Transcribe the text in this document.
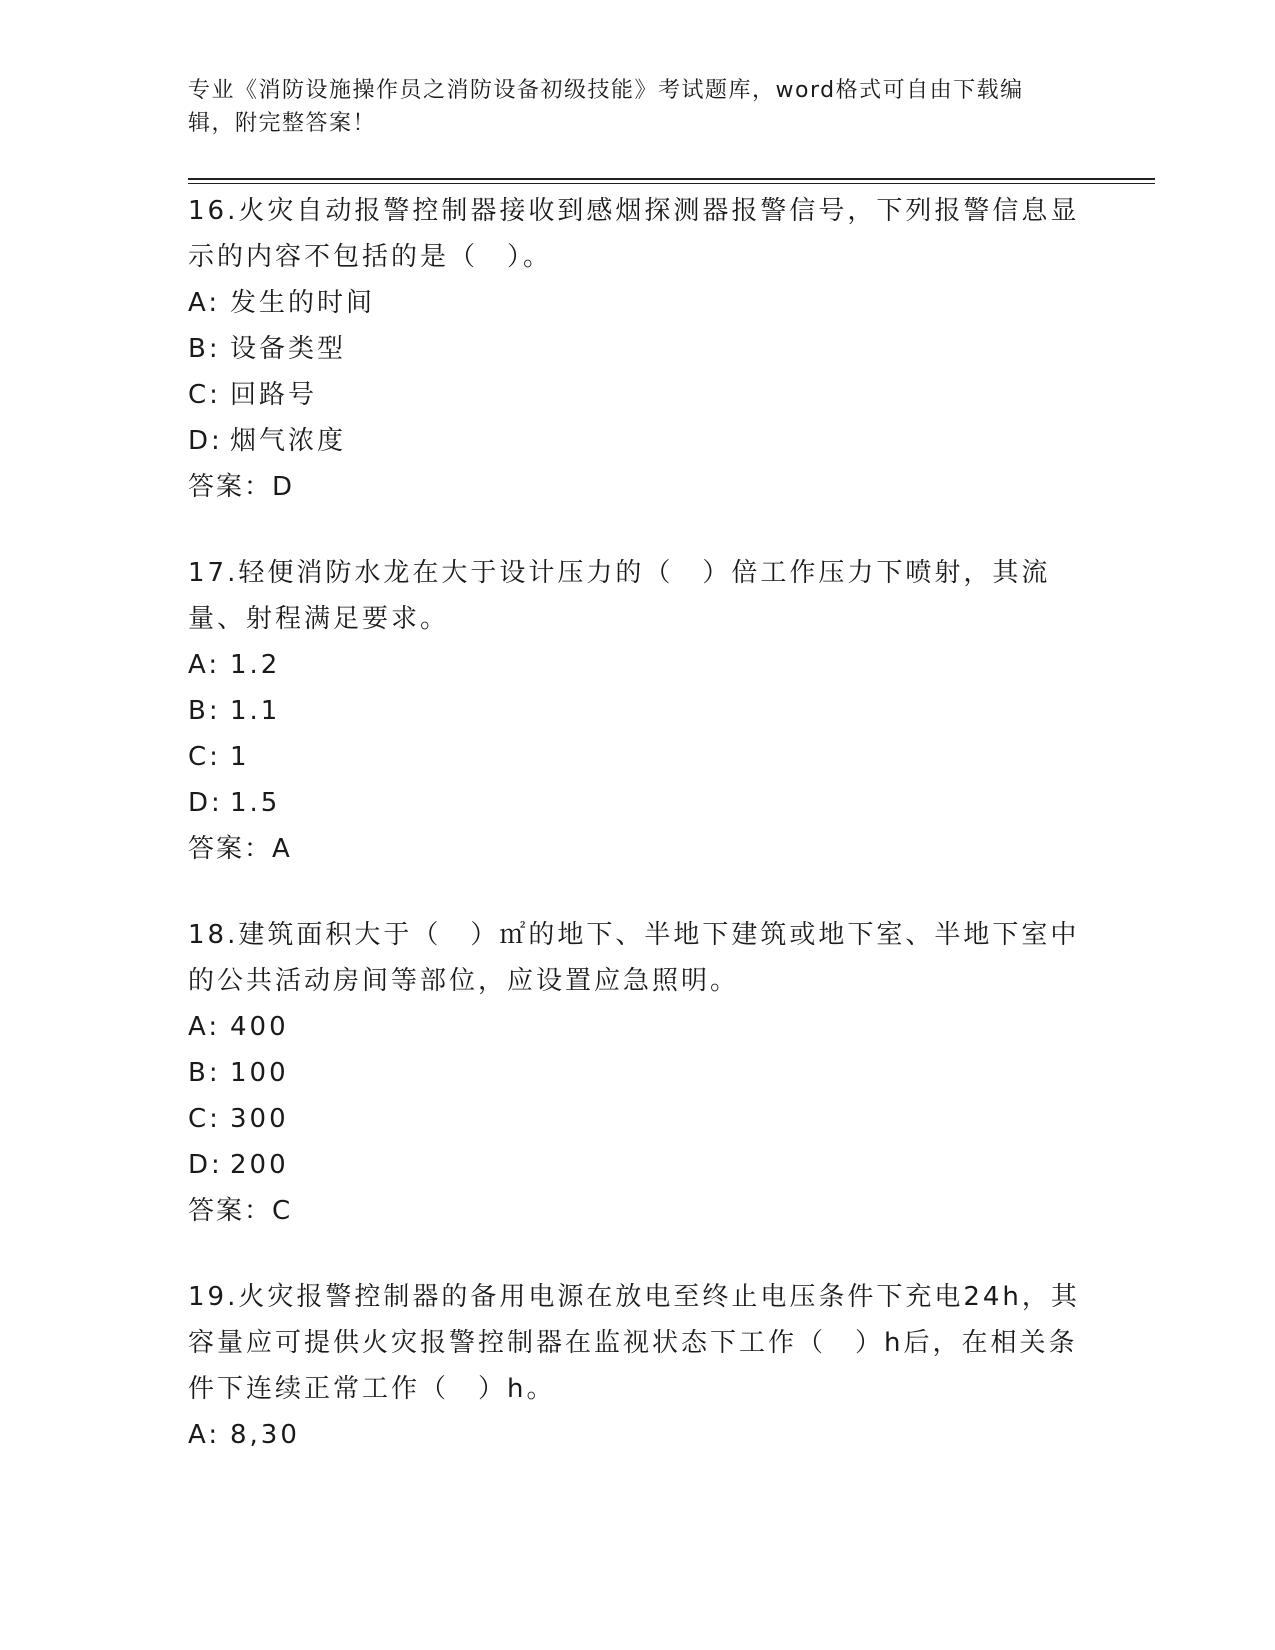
专业《消防设施操作员之消防设备初级技能》考试题库，word格式可自由下载编辑，附完整答案！

16.火灾自动报警控制器接收到感烟探测器报警信号，下列报警信息显示的内容不包括的是（　）。

A: 发生的时间

B: 设备类型

C: 回路号

D: 烟气浓度

答案：D

17.轻便消防水龙在大于设计压力的（　）倍工作压力下喷射，其流量、射程满足要求。

A: 1.2

B: 1.1

C: 1

D: 1.5

答案：A

18.建筑面积大于（　）㎡的地下、半地下建筑或地下室、半地下室中的公共活动房间等部位，应设置应急照明。

A: 400

B: 100

C: 300

D: 200

答案：C

19.火灾报警控制器的备用电源在放电至终止电压条件下充电24h，其容量应可提供火灾报警控制器在监视状态下工作（　）h后，在相关条件下连续正常工作（　）h。

A: 8,30
